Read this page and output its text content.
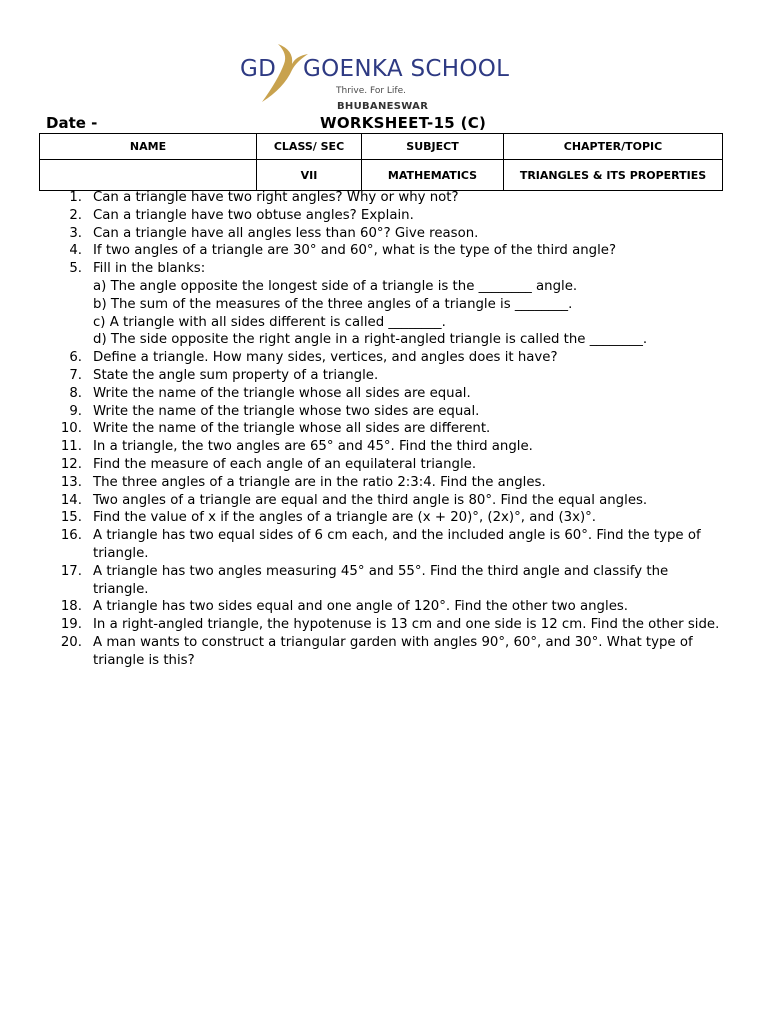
GD GOENKA SCHOOL
Thrive. For Life.
BHUBANESWAR
Date -	WORKSHEET-15 (C)
NAME	CLASS/ SEC	SUBJECT	CHAPTER/TOPIC
	VII	MATHEMATICS	TRIANGLES & ITS PROPERTIES
1. Can a triangle have two right angles? Why or why not?
2. Can a triangle have two obtuse angles? Explain.
3. Can a triangle have all angles less than 60°? Give reason.
4. If two angles of a triangle are 30° and 60°, what is the type of the third angle?
5. Fill in the blanks:
a) The angle opposite the longest side of a triangle is the ________ angle.
b) The sum of the measures of the three angles of a triangle is ________.
c) A triangle with all sides different is called ________.
d) The side opposite the right angle in a right-angled triangle is called the ________.
6. Define a triangle. How many sides, vertices, and angles does it have?
7. State the angle sum property of a triangle.
8. Write the name of the triangle whose all sides are equal.
9. Write the name of the triangle whose two sides are equal.
10. Write the name of the triangle whose all sides are different.
11. In a triangle, the two angles are 65° and 45°. Find the third angle.
12. Find the measure of each angle of an equilateral triangle.
13. The three angles of a triangle are in the ratio 2:3:4. Find the angles.
14. Two angles of a triangle are equal and the third angle is 80°. Find the equal angles.
15. Find the value of x if the angles of a triangle are (x + 20)°, (2x)°, and (3x)°.
16. A triangle has two equal sides of 6 cm each, and the included angle is 60°. Find the type of triangle.
17. A triangle has two angles measuring 45° and 55°. Find the third angle and classify the triangle.
18. A triangle has two sides equal and one angle of 120°. Find the other two angles.
19. In a right-angled triangle, the hypotenuse is 13 cm and one side is 12 cm. Find the other side.
20. A man wants to construct a triangular garden with angles 90°, 60°, and 30°. What type of triangle is this?
